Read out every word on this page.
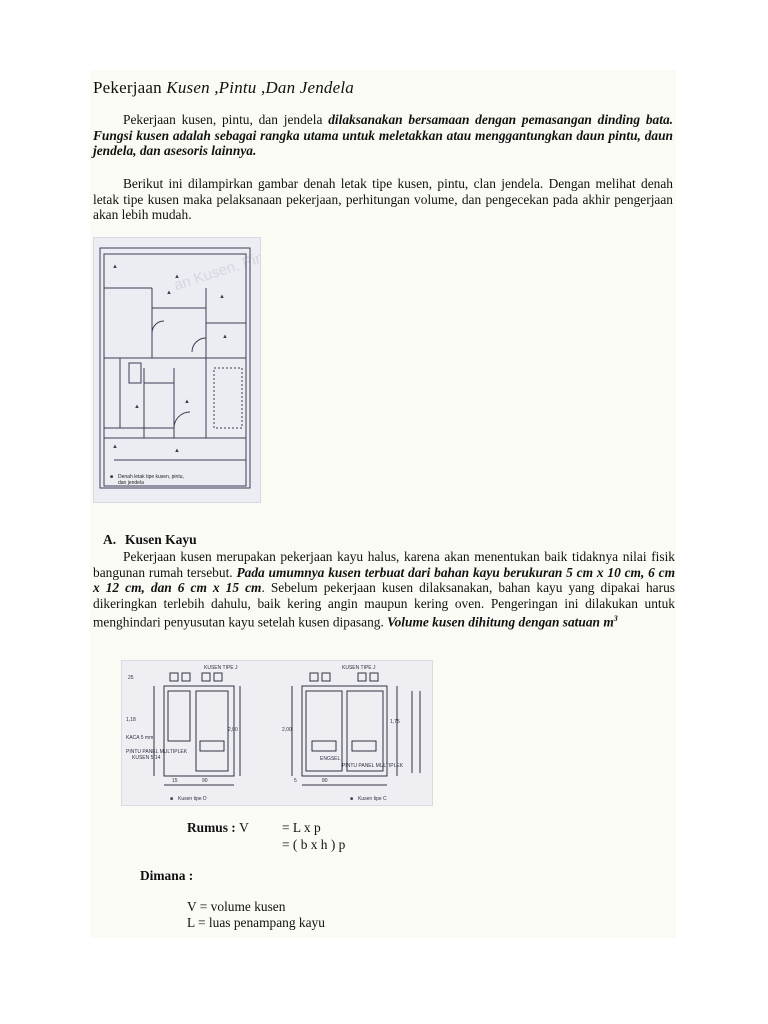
Pekerjaan Kusen ,Pintu ,Dan Jendela
Pekerjaan kusen, pintu, dan jendela dilaksanakan bersamaan dengan pemasangan dinding bata. Fungsi kusen adalah sebagai rangka utama untuk meletakkan atau menggantungkan daun pintu, daun jendela, dan asesoris lainnya.
Berikut ini dilampirkan gambar denah letak tipe kusen, pintu, clan jendela. Dengan melihat denah letak tipe kusen maka pelaksanaan pekerjaan, perhitungan volume, dan pengecekan pada akhir pengerjaan akan lebih mudah.
an Kusen, Pintu
▲
▲
▲
▲
▲
▲
▲
▲
▲
■ Denah letak tipe kusen, pintu,
dan jendela
A. Kusen Kayu
Pekerjaan kusen merupakan pekerjaan kayu halus, karena akan menentukan baik tidaknya nilai fisik bangunan rumah tersebut. Pada umumnya kusen terbuat dari bahan kayu berukuran 5 cm x 10 cm, 6 cm x 12 cm, dan 6 cm x 15 cm. Sebelum pekerjaan kusen dilaksanakan, bahan kayu yang dipakai harus dikeringkan terlebih dahulu, baik kering angin maupun kering oven. Pengeringan ini dilakukan untuk menghindari penyusutan kayu setelah kusen dipasang. Volume kusen dihitung dengan satuan $m^3$
KUSEN TIPE J	KUSEN TIPE J
1,18
2,00	2,00
1,75
25
KACA 5 mm
PINTU PANEL MULTIPLEK
KUSEN 5/14
PINTU PANEL MULTIPLEK
ENGSEL
15	90	80
5
■ Kusen tipe D	■ Kusen tipe C
Rumus : V = L x p
= ( b x h ) p
Dimana :
V = volume kusen
L = luas penampang kayu
